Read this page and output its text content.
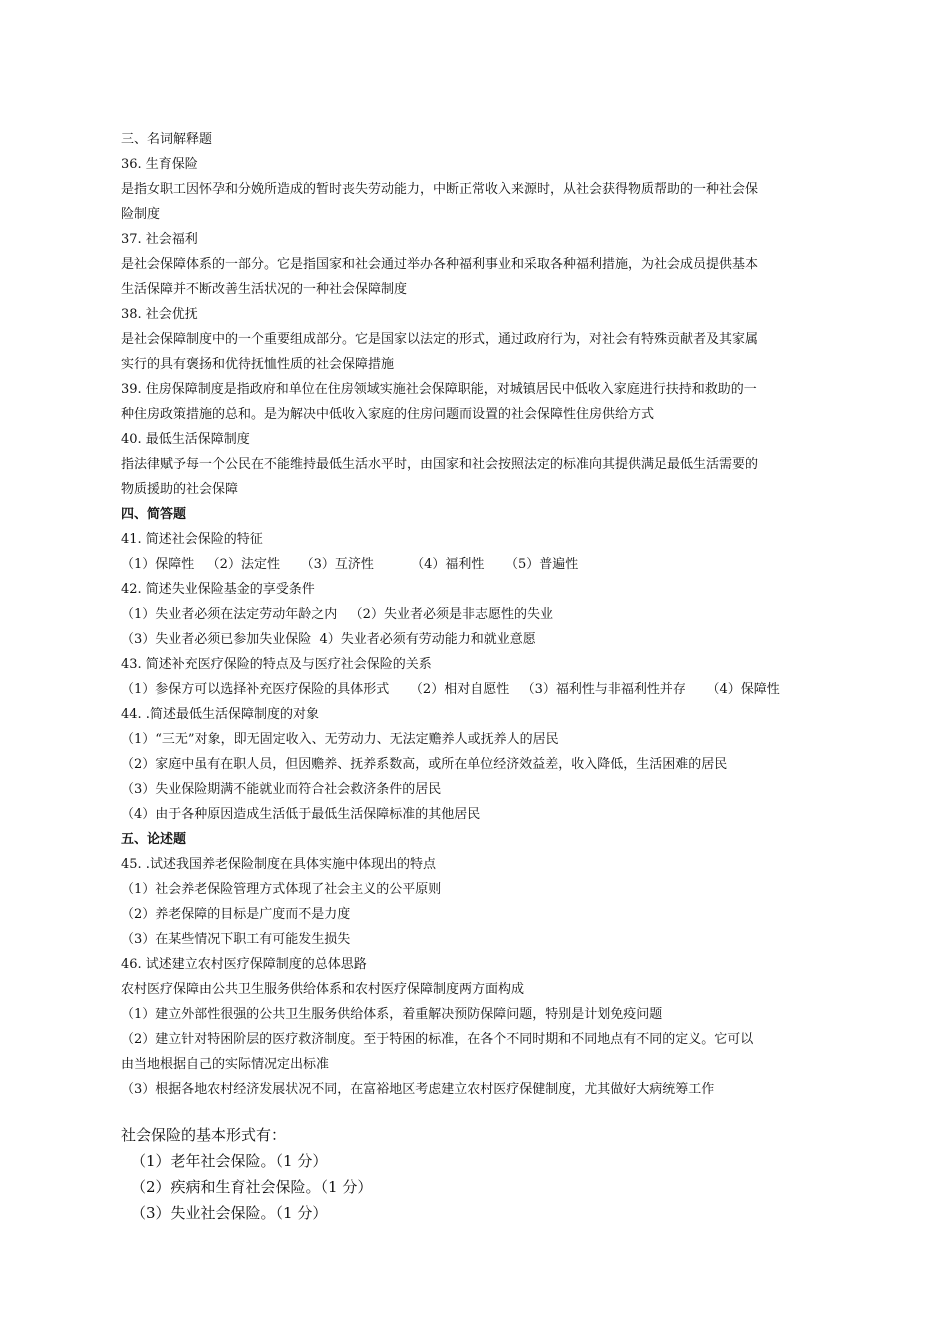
三、名词解释题
36. 生育保险
是指女职工因怀孕和分娩所造成的暂时丧失劳动能力，中断正常收入来源时，从社会获得物质帮助的一种社会保
险制度
37. 社会福利
是社会保障体系的一部分。它是指国家和社会通过举办各种福利事业和采取各种福利措施，为社会成员提供基本
生活保障并不断改善生活状况的一种社会保障制度
38. 社会优抚
是社会保障制度中的一个重要组成部分。它是国家以法定的形式，通过政府行为，对社会有特殊贡献者及其家属
实行的具有褒扬和优待抚恤性质的社会保障措施
39. 住房保障制度是指政府和单位在住房领域实施社会保障职能，对城镇居民中低收入家庭进行扶持和救助的一
种住房政策措施的总和。是为解决中低收入家庭的住房问题而设置的社会保障性住房供给方式
40. 最低生活保障制度
指法律赋予每一个公民在不能维持最低生活水平时，由国家和社会按照法定的标准向其提供满足最低生活需要的
物质援助的社会保障
四、简答题
41. 简述社会保险的特征
（1）保障性   （2）法定性     （3）互济性         （4）福利性     （5）普遍性
42. 简述失业保险基金的享受条件
（1）失业者必须在法定劳动年龄之内   （2）失业者必须是非志愿性的失业
（3）失业者必须已参加失业保险  4）失业者必须有劳动能力和就业意愿
43. 简述补充医疗保险的特点及与医疗社会保险的关系
（1）参保方可以选择补充医疗保险的具体形式     （2）相对自愿性   （3）福利性与非福利性并存     （4）保障性
44. .简述最低生活保障制度的对象
（1）“三无”对象，即无固定收入、无劳动力、无法定赡养人或抚养人的居民
（2）家庭中虽有在职人员，但因赡养、抚养系数高，或所在单位经济效益差，收入降低，生活困难的居民
（3）失业保险期满不能就业而符合社会救济条件的居民
（4）由于各种原因造成生活低于最低生活保障标准的其他居民
五、论述题
45. .试述我国养老保险制度在具体实施中体现出的特点
（1）社会养老保险管理方式体现了社会主义的公平原则
（2）养老保障的目标是广度而不是力度
（3）在某些情况下职工有可能发生损失
46. 试述建立农村医疗保障制度的总体思路
农村医疗保障由公共卫生服务供给体系和农村医疗保障制度两方面构成
（1）建立外部性很强的公共卫生服务供给体系，着重解决预防保障问题，特别是计划免疫问题
（2）建立针对特困阶层的医疗救济制度。至于特困的标准，在各个不同时期和不同地点有不同的定义。它可以
由当地根据自己的实际情况定出标准
（3）根据各地农村经济发展状况不同，在富裕地区考虑建立农村医疗保健制度，尤其做好大病统筹工作
社会保险的基本形式有：
（1）老年社会保险。（1 分）
（2）疾病和生育社会保险。（1 分）
（3）失业社会保险。（1 分）
